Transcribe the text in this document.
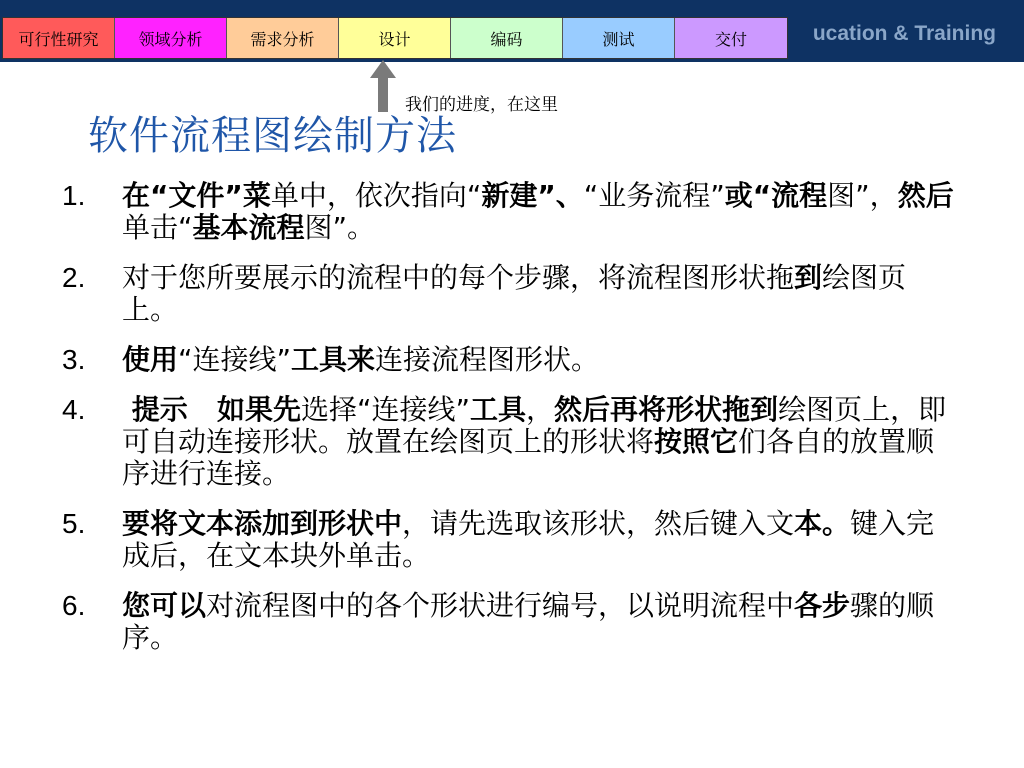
ucation & Training
可行性研究	领域分析	需求分析	设计	编码	测试	交付
我们的进度，在这里
软件流程图绘制方法
1. 在“文件”菜单中，依次指向“新建”、“业务流程”或“流程图”，然后单击“基本流程图”。
2. 对于您所要展示的流程中的每个步骤，将流程图形状拖到绘图页上。
3. 使用“连接线”工具来连接流程图形状。
4. 提示   如果先选择“连接线”工具，然后再将形状拖到绘图页上，即可自动连接形状。放置在绘图页上的形状将按照它们各自的放置顺序进行连接。
5. 要将文本添加到形状中，请先选取该形状，然后键入文本。键入完成后，在文本块外单击。
6. 您可以对流程图中的各个形状进行编号，以说明流程中各步骤的顺序。
